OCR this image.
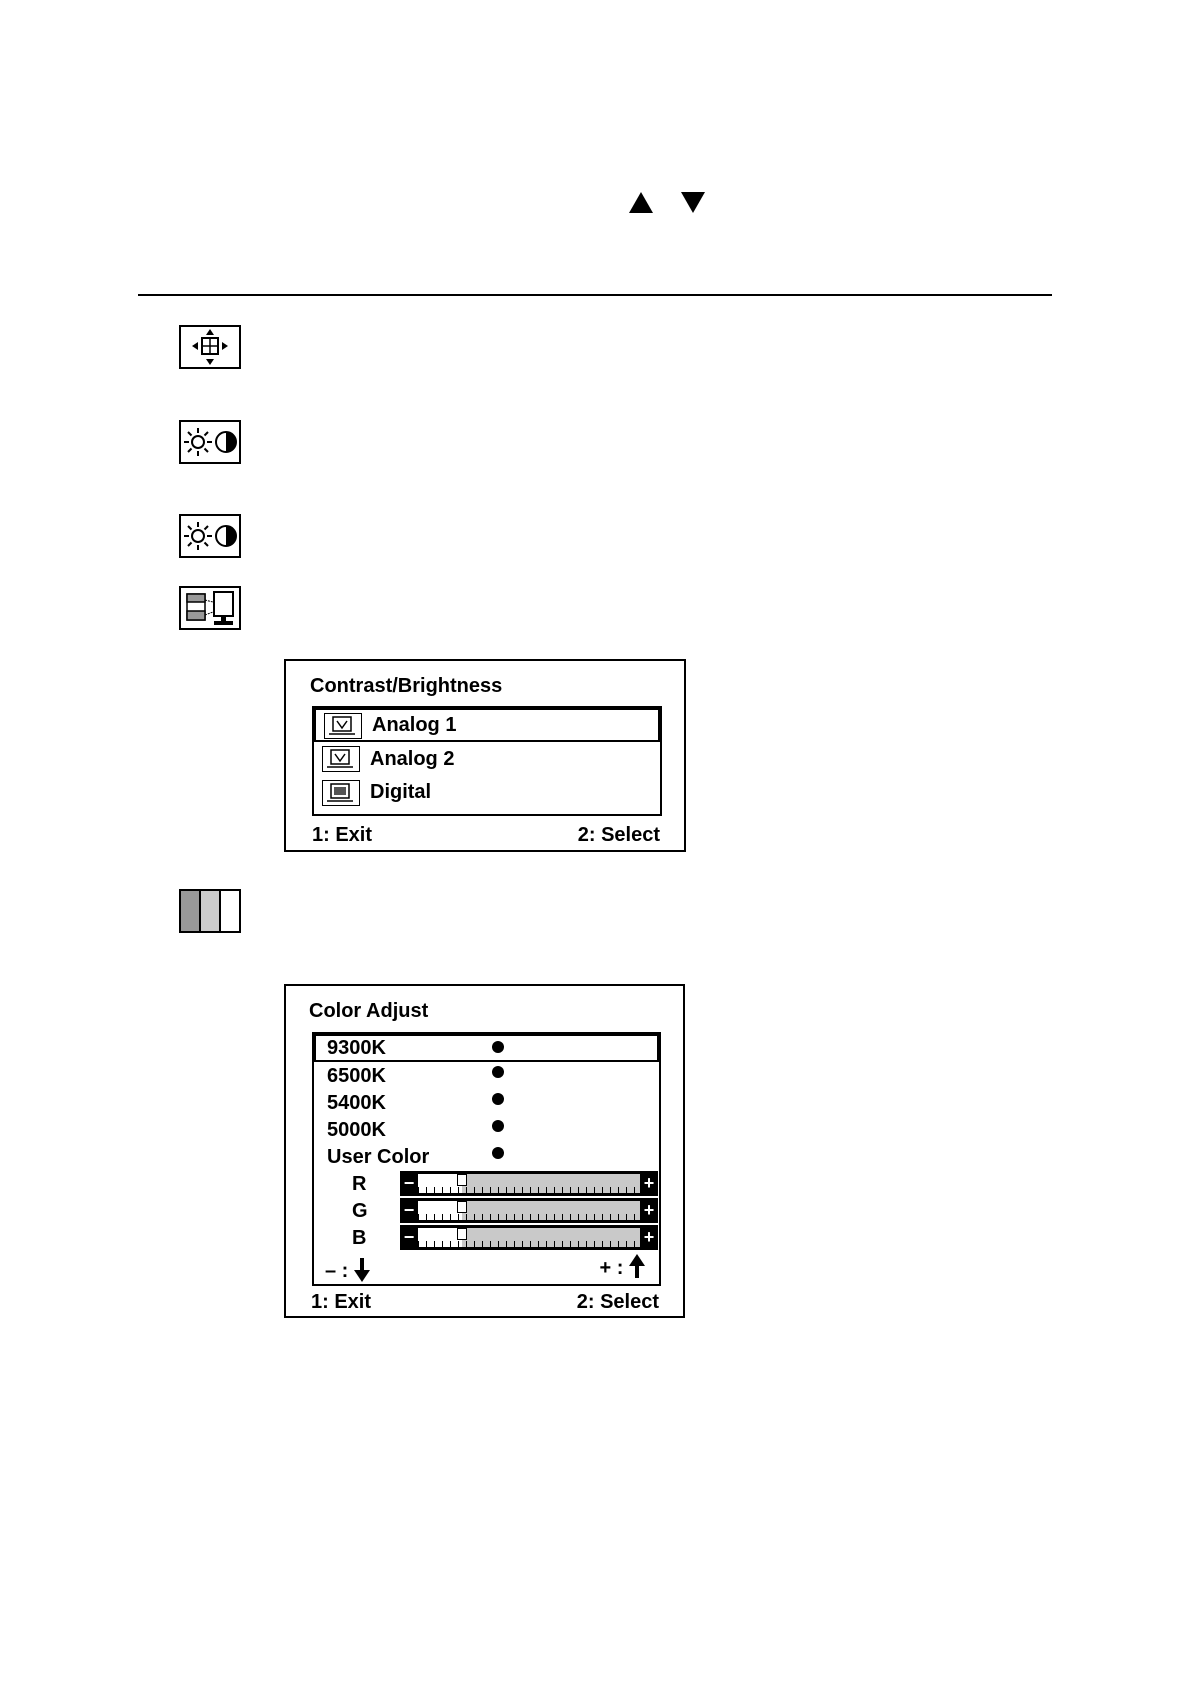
Contrast/Brightness
Analog 1
Analog 2
Digital
1: Exit	2: Select
Color Adjust
9300K
6500K
5400K
5000K
User Color
R −	+
G −	+
B −	+
– :	+ :
1: Exit	2: Select
